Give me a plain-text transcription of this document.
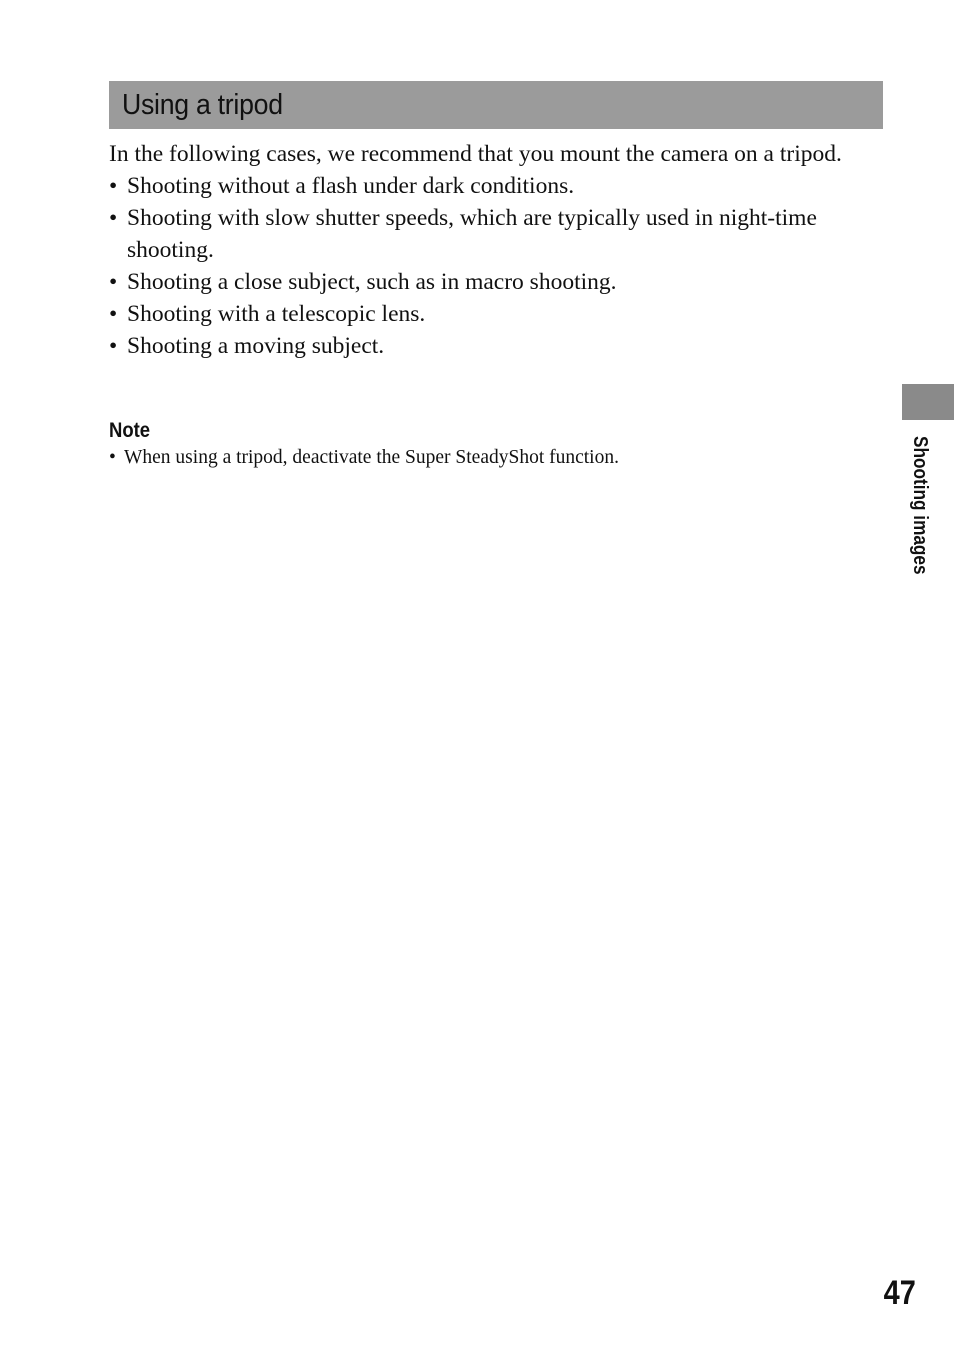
Using a tripod

In the following cases, we recommend that you mount the camera on a tripod.

• Shooting without a flash under dark conditions.
• Shooting with slow shutter speeds, which are typically used in night-time shooting.
• Shooting a close subject, such as in macro shooting.
• Shooting with a telescopic lens.
• Shooting a moving subject.
Note
• When using a tripod, deactivate the Super SteadyShot function.	Shooting images
47
